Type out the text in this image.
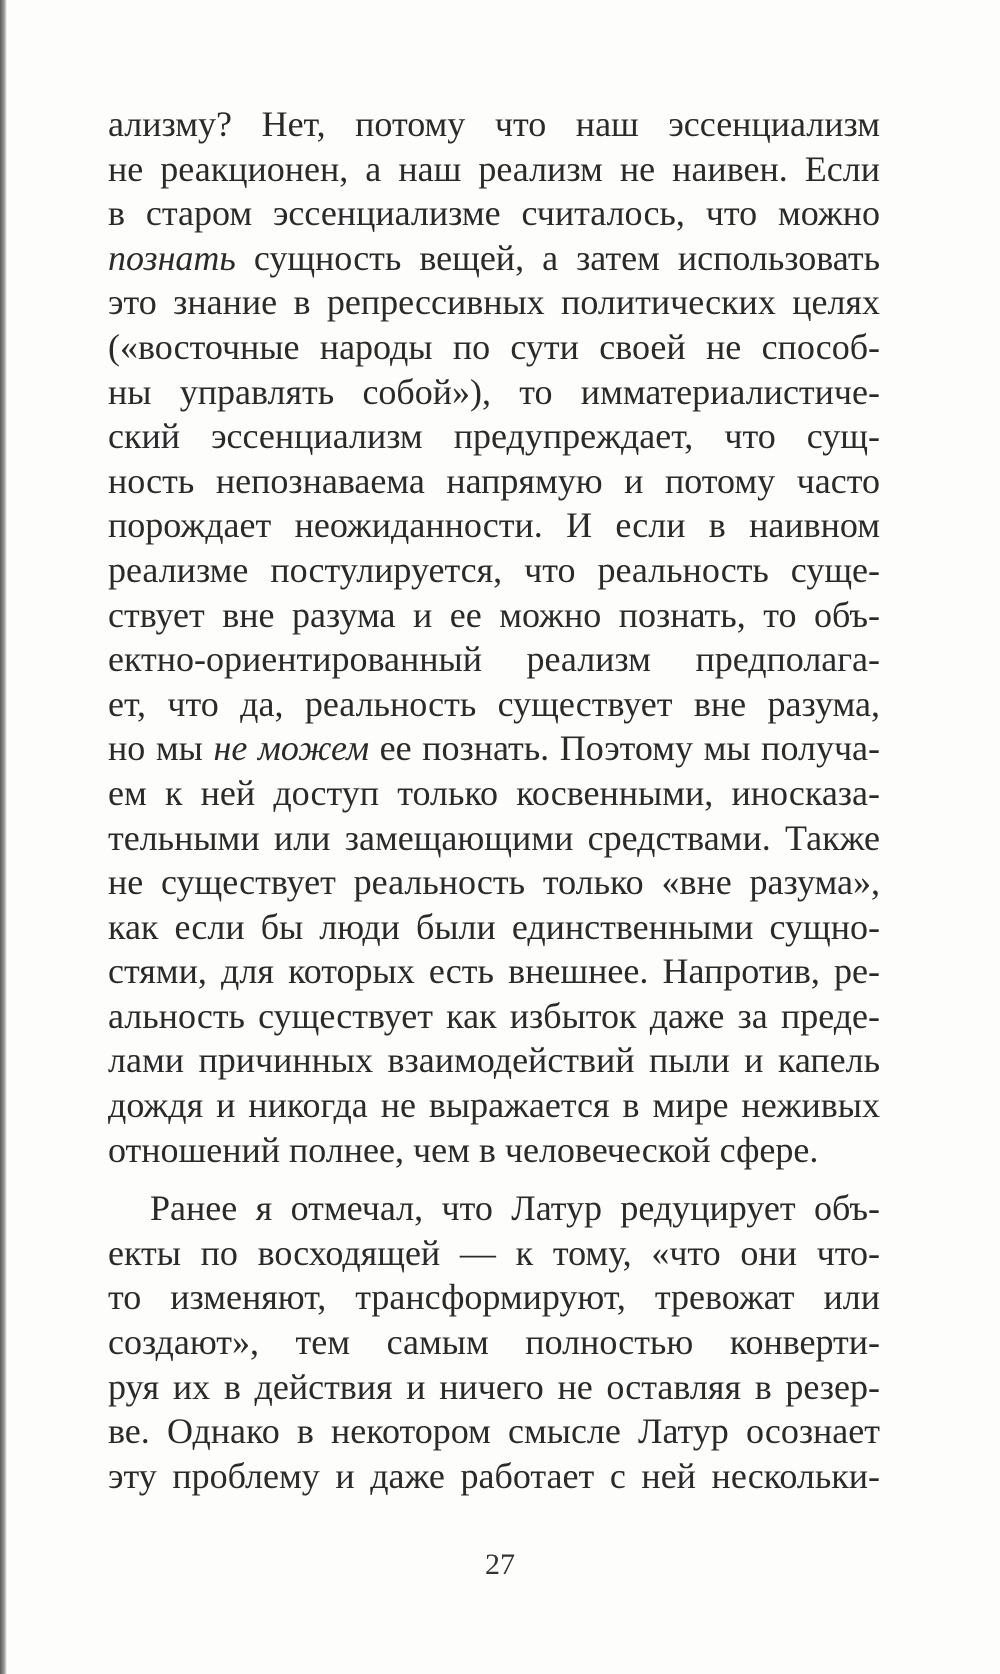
ализму? Нет, потому что наш эссенциализм
не реакционен, а наш реализм не наивен. Если
в старом эссенциализме считалось, что можно
познать сущность вещей, а затем использовать
это знание в репрессивных политических целях
(«восточные народы по сути своей не способ-
ны управлять собой»), то имматериалистиче-
ский эссенциализм предупреждает, что сущ-
ность непознаваема напрямую и потому часто
порождает неожиданности. И если в наивном
реализме постулируется, что реальность суще-
ствует вне разума и ее можно познать, то объ-
ектно-ориентированный реализм предполага-
ет, что да, реальность существует вне разума,
но мы не можем ее познать. Поэтому мы получа-
ем к ней доступ только косвенными, иносказа-
тельными или замещающими средствами. Также
не существует реальность только «вне разума»,
как если бы люди были единственными сущно-
стями, для которых есть внешнее. Напротив, ре-
альность существует как избыток даже за преде-
лами причинных взаимодействий пыли и капель
дождя и никогда не выражается в мире неживых
отношений полнее, чем в человеческой сфере.
Ранее я отмечал, что Латур редуцирует объ-
екты по восходящей — к тому, «что они что-
то изменяют, трансформируют, тревожат или
создают», тем самым полностью конверти-
руя их в действия и ничего не оставляя в резер-
ве. Однако в некотором смысле Латур осознает
эту проблему и даже работает с ней нескольки-
27
